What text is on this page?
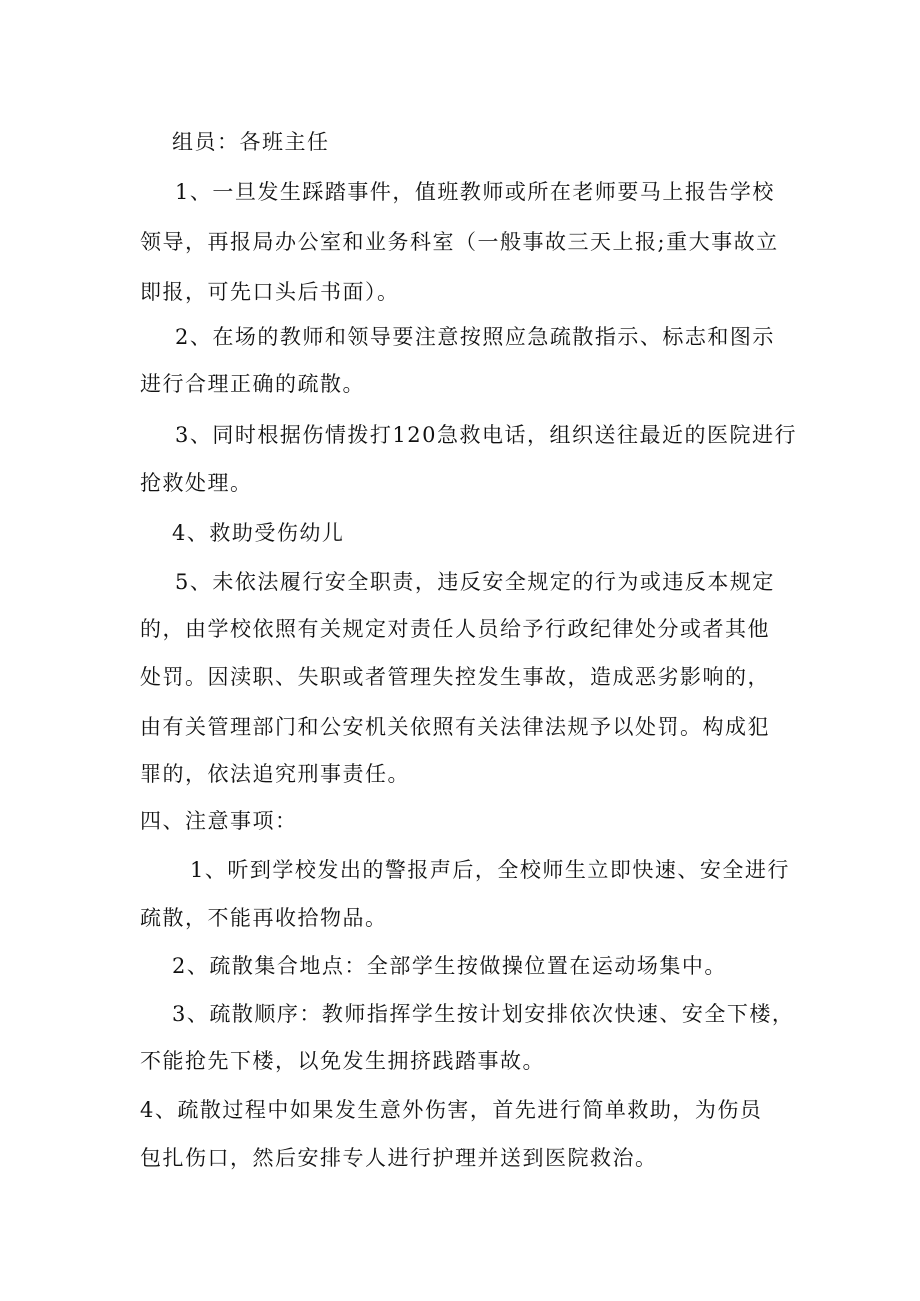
组员：各班主任
1、一旦发生踩踏事件，值班教师或所在老师要马上报告学校
领导，再报局办公室和业务科室（一般事故三天上报;重大事故立
即报，可先口头后书面）。
2、在场的教师和领导要注意按照应急疏散指示、标志和图示
进行合理正确的疏散。
3、同时根据伤情拨打120急救电话，组织送往最近的医院进行
抢救处理。
4、救助受伤幼儿
5、未依法履行安全职责，违反安全规定的行为或违反本规定
的，由学校依照有关规定对责任人员给予行政纪律处分或者其他
处罚。因渎职、失职或者管理失控发生事故，造成恶劣影响的，
由有关管理部门和公安机关依照有关法律法规予以处罚。构成犯
罪的，依法追究刑事责任。
四、注意事项：
1、听到学校发出的警报声后，全校师生立即快速、安全进行
疏散，不能再收拾物品。
2、疏散集合地点：全部学生按做操位置在运动场集中。
3、疏散顺序：教师指挥学生按计划安排依次快速、安全下楼，
不能抢先下楼，以免发生拥挤践踏事故。
4、疏散过程中如果发生意外伤害，首先进行简单救助，为伤员
包扎伤口，然后安排专人进行护理并送到医院救治。
